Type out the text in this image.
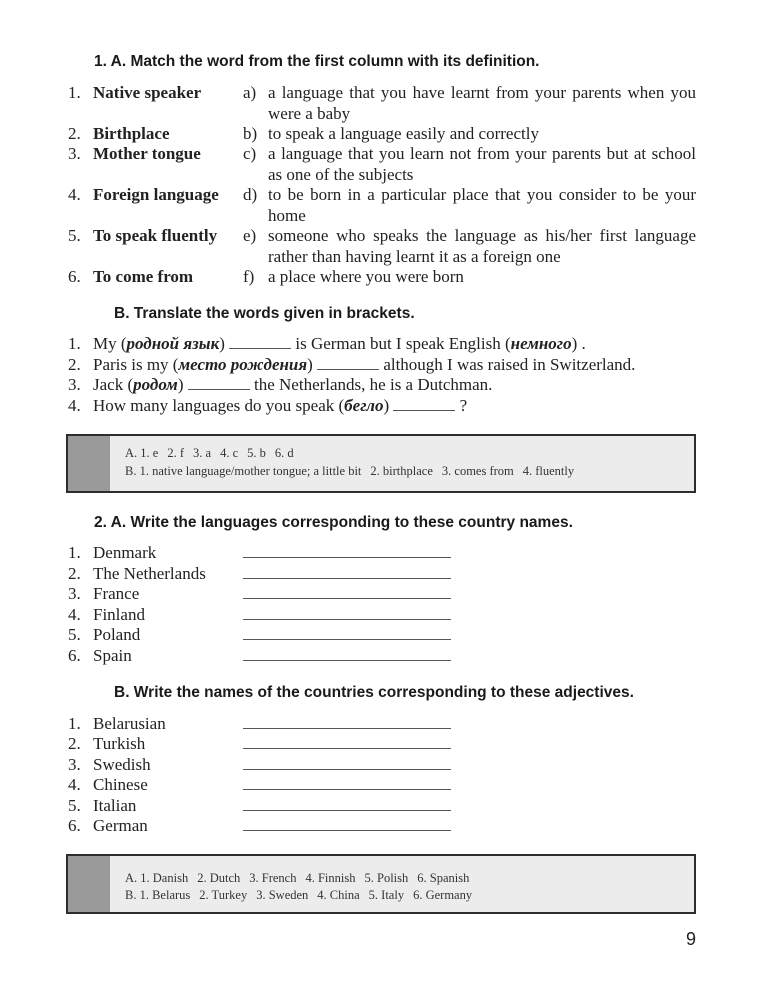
1. A. Match the word from the first column with its definition.
1. Native speaker a) a language that you have learnt from your parents when you were a baby
2. Birthplace	b) to speak a language easily and correctly
3. Mother tongue c) a language that you learn not from your parents but at school as one of the subjects
4. Foreign language d) to be born in a particular place that you consider to be your home
5. To speak fluently e) someone who speaks the language as his/her first language rather than having learnt it as a foreign one
6. To come from	f) a place where you were born
B. Translate the words given in brackets.
1. My (родной язык)	is German but I speak English (немного) .
2. Paris is my (место рождения)	although I was raised in Switzerland.
3. Jack (родом)	the Netherlands, he is a Dutchman.
4. How many languages do you speak (бегло)	?
A. 1. e 2. f 3. a 4. c 5. b 6. d
B. 1. native language/mother tongue; a little bit 2. birthplace 3. comes from 4. fluently
2. A. Write the languages corresponding to these country names.
1. Denmark
2. The Netherlands
3. France
4. Finland
5. Poland
6. Spain
B. Write the names of the countries corresponding to these adjectives.
1. Belarusian
2. Turkish
3. Swedish
4. Chinese
5. Italian
6. German
A. 1. Danish 2. Dutch 3. French 4. Finnish 5. Polish 6. Spanish
B. 1. Belarus 2. Turkey 3. Sweden 4. China 5. Italy 6. Germany
9
